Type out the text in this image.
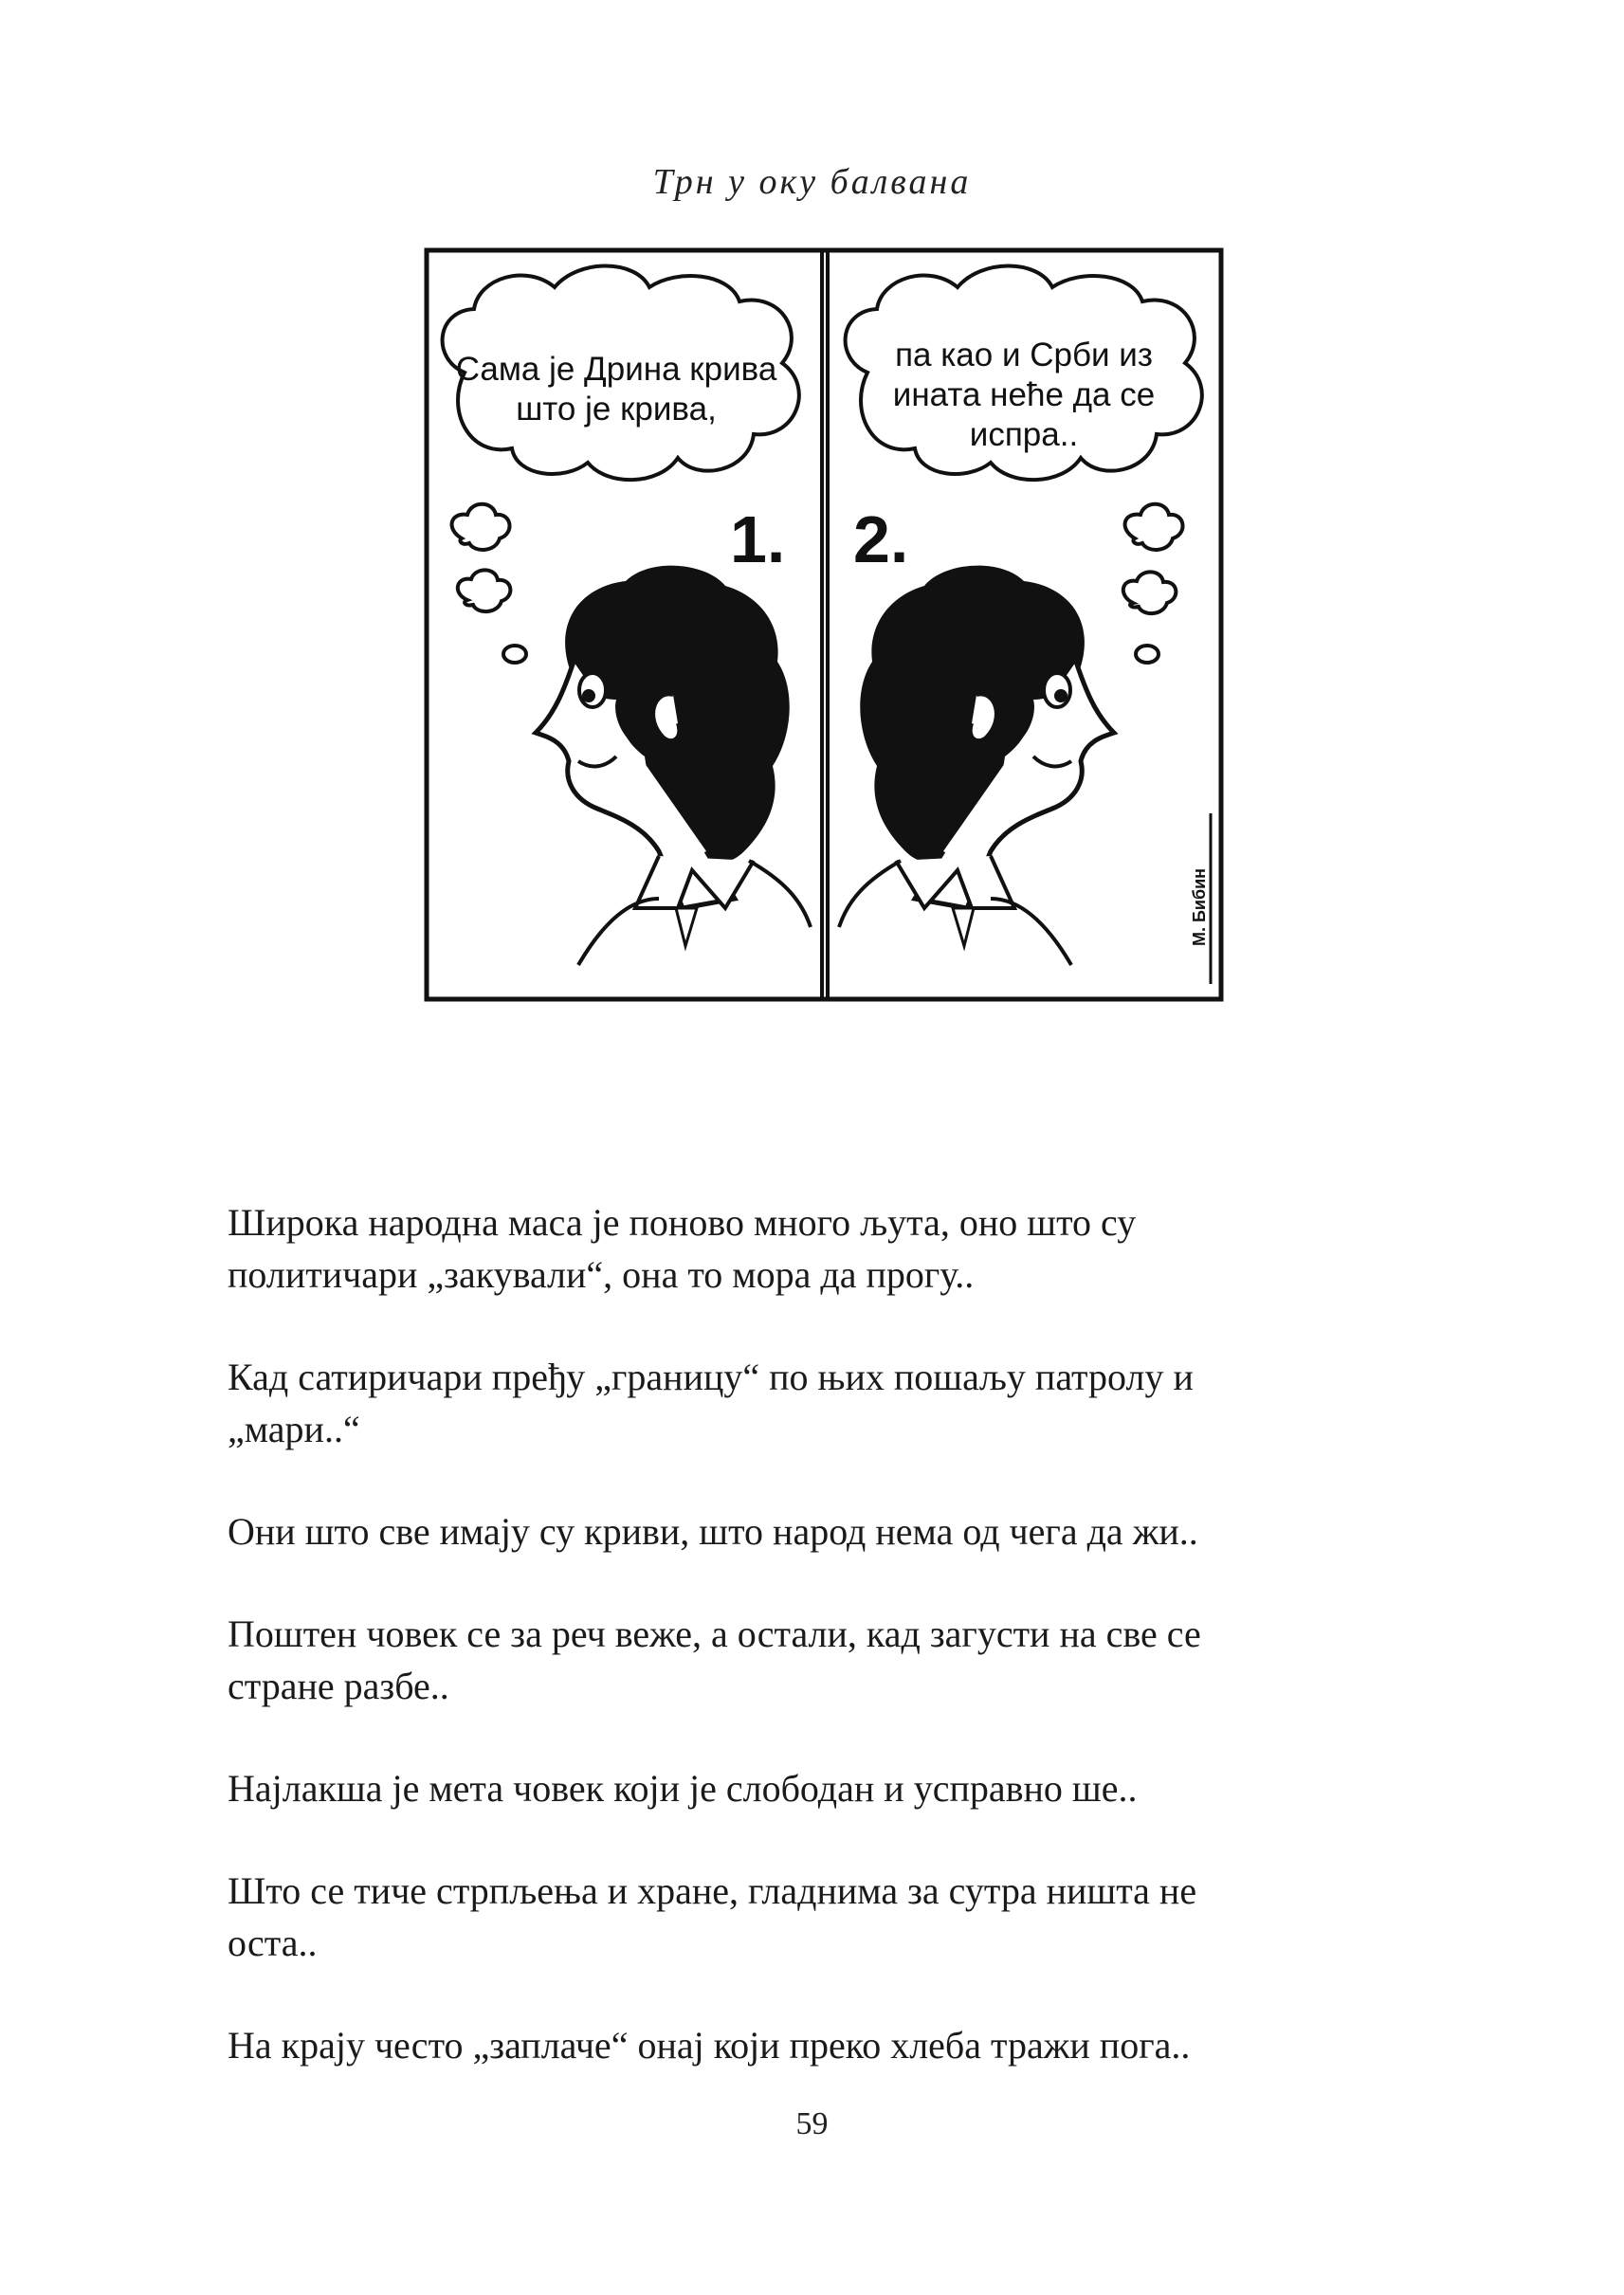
Трн у оку балвана
Сама је Дрина крива
што је крива,
1.
па као и Срби из
ината неће да се
испра..
2.
М. Бибин

Широка народна маса је поново много љута, оно што су
политичари „закували“, она то мора да прогу..

Кад сатиричари пређу „границу“ по њих пошаљу патролу и
„мари..“

Они што све имају су криви, што народ нема од чега да жи..

Поштен човек се за реч веже, а остали, кад загусти на све се
стране разбе..

Најлакша је мета човек који је слободан и усправно ше..

Што се тиче стрпљења и хране, гладнима за сутра ништа не
оста..

На крају често „заплаче“ онај који преко хлеба тражи пога..

59
